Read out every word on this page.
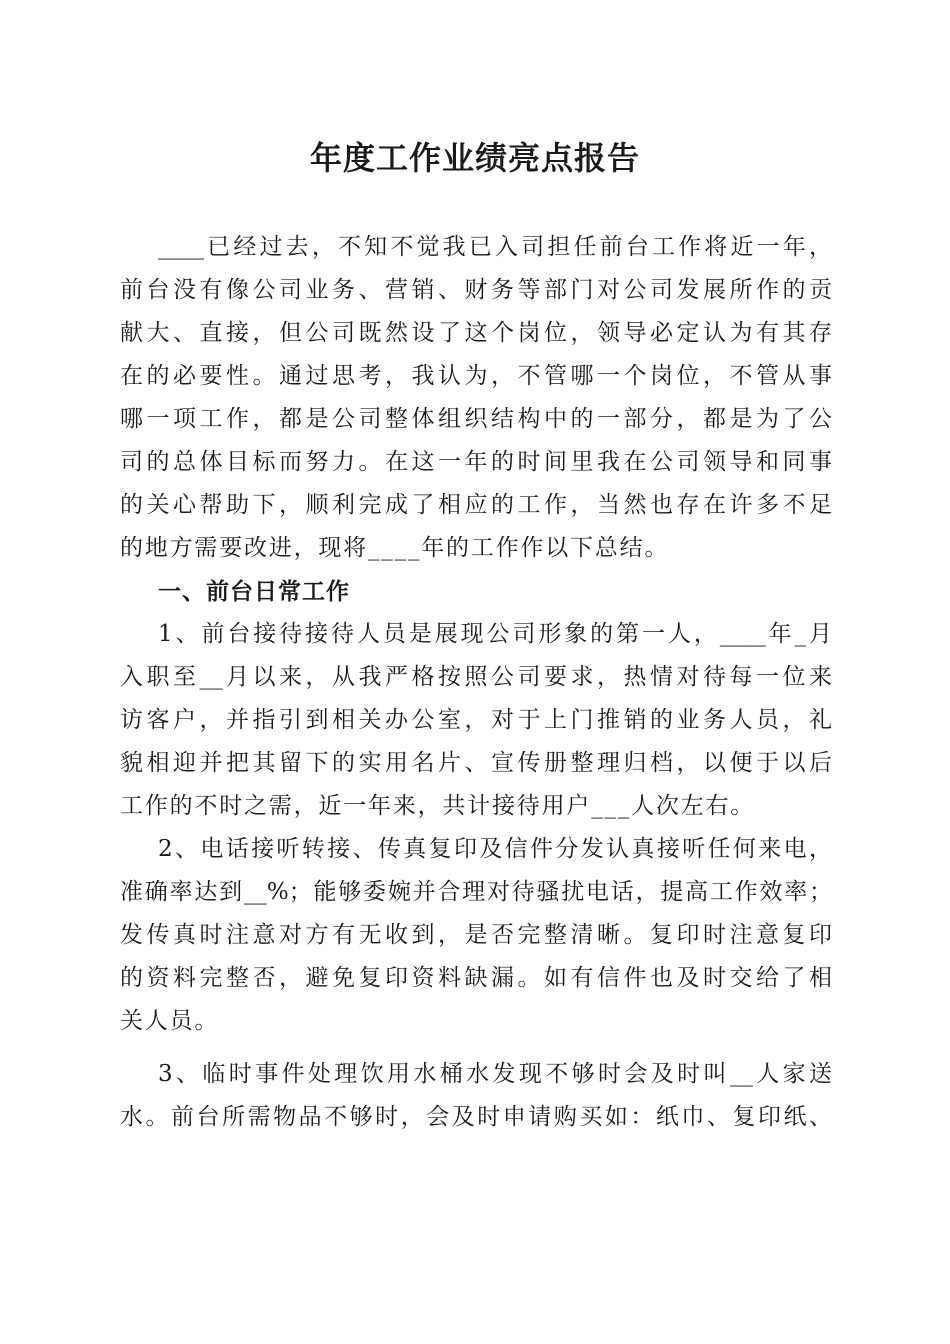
年度工作业绩亮点报告
____已经过去，不知不觉我已入司担任前台工作将近一年，
前台没有像公司业务、营销、财务等部门对公司发展所作的贡
献大、直接，但公司既然设了这个岗位，领导必定认为有其存
在的必要性。通过思考，我认为，不管哪一个岗位，不管从事
哪一项工作，都是公司整体组织结构中的一部分，都是为了公
司的总体目标而努力。在这一年的时间里我在公司领导和同事
的关心帮助下，顺利完成了相应的工作，当然也存在许多不足
的地方需要改进，现将____年的工作作以下总结。
一、前台日常工作
1、前台接待接待人员是展现公司形象的第一人，____年_月
入职至__月以来，从我严格按照公司要求，热情对待每一位来
访客户，并指引到相关办公室，对于上门推销的业务人员，礼
貌相迎并把其留下的实用名片、宣传册整理归档，以便于以后
工作的不时之需，近一年来，共计接待用户___人次左右。
2、电话接听转接、传真复印及信件分发认真接听任何来电，
准确率达到__%；能够委婉并合理对待骚扰电话，提高工作效率；
发传真时注意对方有无收到，是否完整清晰。复印时注意复印
的资料完整否，避免复印资料缺漏。如有信件也及时交给了相
关人员。
3、临时事件处理饮用水桶水发现不够时会及时叫__人家送
水。前台所需物品不够时，会及时申请购买如：纸巾、复印纸、
